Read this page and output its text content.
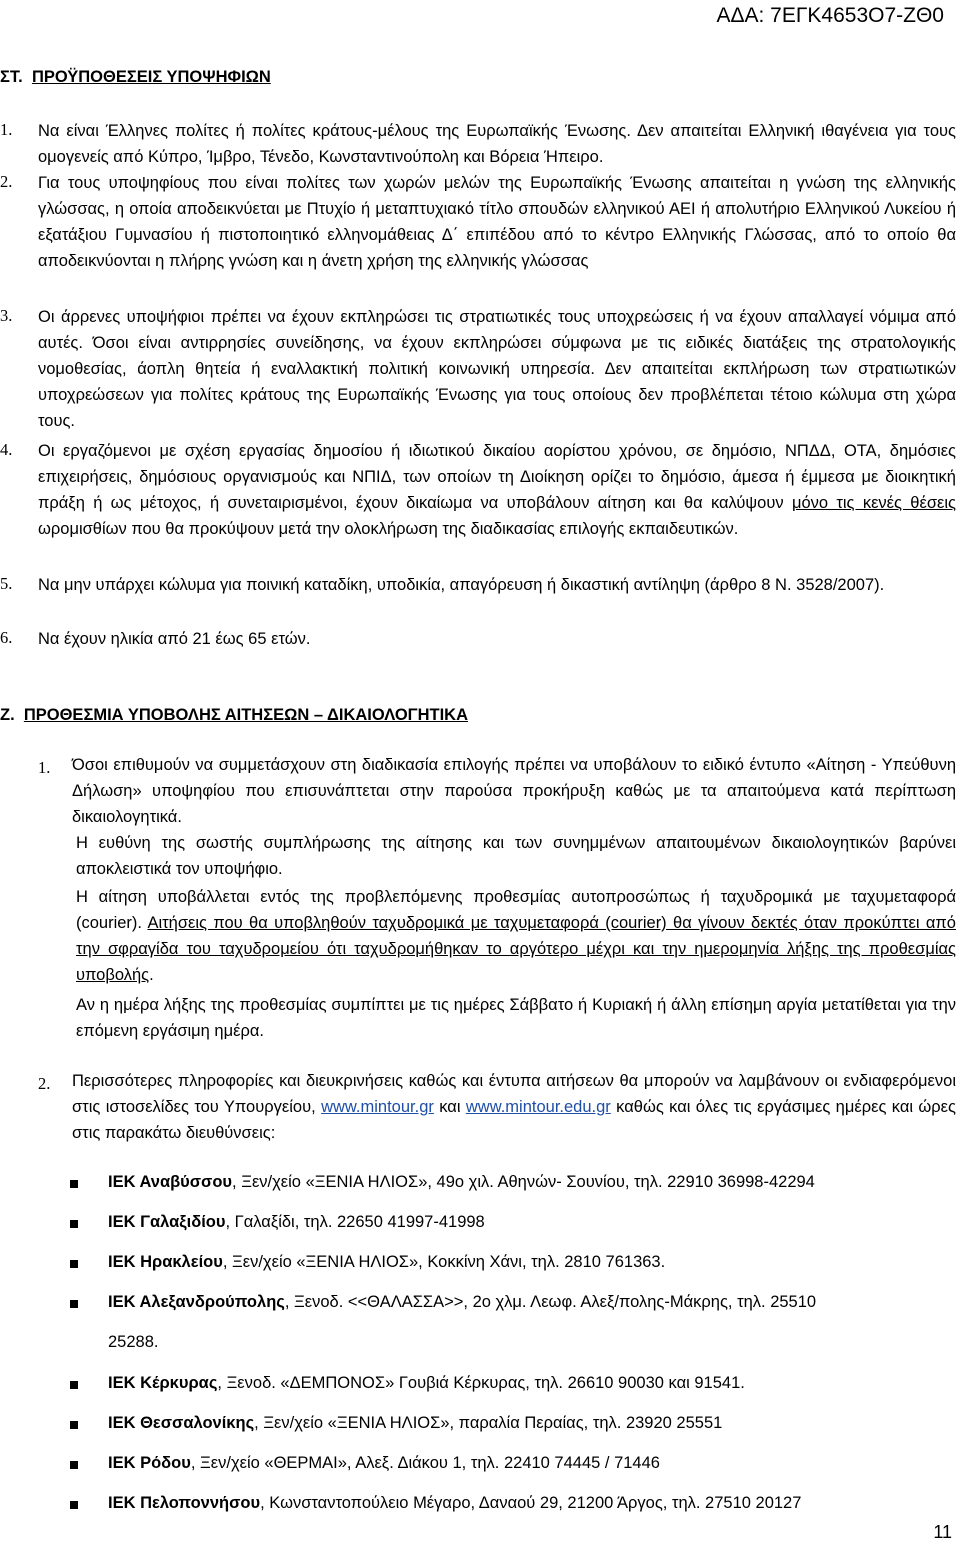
ΑΔΑ: 7ΕΓΚ4653Ο7-ΖΘ0
ΣΤ. ΠΡΟΫΠΟΘΕΣΕΙΣ ΥΠΟΨΗΦΙΩΝ
1. Να είναι Έλληνες πολίτες ή πολίτες κράτους-μέλους της Ευρωπαϊκής Ένωσης. Δεν απαιτείται Ελληνική ιθαγένεια για τους ομογενείς από Κύπρο, Ίμβρο, Τένεδο, Κωνσταντινούπολη και Βόρεια Ήπειρο.
2. Για τους υποψηφίους που είναι πολίτες των χωρών μελών της Ευρωπαϊκής Ένωσης απαιτείται η γνώση της ελληνικής γλώσσας, η οποία αποδεικνύεται με Πτυχίο ή μεταπτυχιακό τίτλο σπουδών ελληνικού ΑΕΙ ή απολυτήριο Ελληνικού Λυκείου ή εξατάξιου Γυμνασίου ή πιστοποιητικό ελληνομάθειας Δ΄ επιπέδου από το κέντρο Ελληνικής Γλώσσας, από το οποίο θα αποδεικνύονται η πλήρης γνώση και η άνετη χρήση της ελληνικής γλώσσας
3. Οι άρρενες υποψήφιοι πρέπει να έχουν εκπληρώσει τις στρατιωτικές τους υποχρεώσεις ή να έχουν απαλλαγεί νόμιμα από αυτές. Όσοι είναι αντιρρησίες συνείδησης, να έχουν εκπληρώσει σύμφωνα με τις ειδικές διατάξεις της στρατολογικής νομοθεσίας, άοπλη θητεία ή εναλλακτική πολιτική κοινωνική υπηρεσία. Δεν απαιτείται εκπλήρωση των στρατιωτικών υποχρεώσεων για πολίτες κράτους της Ευρωπαϊκής Ένωσης για τους οποίους δεν προβλέπεται τέτοιο κώλυμα στη χώρα τους.
4. Οι εργαζόμενοι με σχέση εργασίας δημοσίου ή ιδιωτικού δικαίου αορίστου χρόνου, σε δημόσιο, ΝΠΔΔ, ΟΤΑ, δημόσιες επιχειρήσεις, δημόσιους οργανισμούς και ΝΠΙΔ, των οποίων τη Διοίκηση ορίζει το δημόσιο, άμεσα ή έμμεσα με διοικητική πράξη ή ως μέτοχος, ή συνεταιρισμένοι, έχουν δικαίωμα να υποβάλουν αίτηση και θα καλύψουν μόνο τις κενές θέσεις ωρομισθίων που θα προκύψουν μετά την ολοκλήρωση της διαδικασίας επιλογής εκπαιδευτικών.
5. Να μην υπάρχει κώλυμα για ποινική καταδίκη, υποδικία, απαγόρευση ή δικαστική αντίληψη (άρθρο 8 Ν. 3528/2007).
6. Να έχουν ηλικία από 21 έως 65 ετών.
Ζ. ΠΡΟΘΕΣΜΙΑ ΥΠΟΒΟΛΗΣ ΑΙΤΗΣΕΩΝ – ΔΙΚΑΙΟΛΟΓΗΤΙΚΑ
1. Όσοι επιθυμούν να συμμετάσχουν στη διαδικασία επιλογής πρέπει να υποβάλουν το ειδικό έντυπο «Αίτηση - Υπεύθυνη Δήλωση» υποψηφίου που επισυνάπτεται στην παρούσα προκήρυξη καθώς με τα απαιτούμενα κατά περίπτωση δικαιολογητικά.
Η ευθύνη της σωστής συμπλήρωσης της αίτησης και των συνημμένων απαιτουμένων δικαιολογητικών βαρύνει αποκλειστικά τον υποψήφιο.
Η αίτηση υποβάλλεται εντός της προβλεπόμενης προθεσμίας αυτοπροσώπως ή ταχυδρομικά με ταχυμεταφορά (courier). Αιτήσεις που θα υποβληθούν ταχυδρομικά με ταχυμεταφορά (courier) θα γίνουν δεκτές όταν προκύπτει από την σφραγίδα του ταχυδρομείου ότι ταχυδρομήθηκαν το αργότερο μέχρι και την ημερομηνία λήξης της προθεσμίας υποβολής.
Αν η ημέρα λήξης της προθεσμίας συμπίπτει με τις ημέρες Σάββατο ή Κυριακή ή άλλη επίσημη αργία μετατίθεται για την επόμενη εργάσιμη ημέρα.
2. Περισσότερες πληροφορίες και διευκρινήσεις καθώς και έντυπα αιτήσεων θα μπορούν να λαμβάνουν οι ενδιαφερόμενοι στις ιστοσελίδες του Υπουργείου, www.mintour.gr και www.mintour.edu.gr καθώς και όλες τις εργάσιμες ημέρες και ώρες στις παρακάτω διευθύνσεις:
ΙΕΚ Αναβύσσου, Ξεν/χείο «ΞΕΝΙΑ ΗΛΙΟΣ», 49ο χιλ. Αθηνών- Σουνίου, τηλ. 22910 36998-42294
ΙΕΚ Γαλαξιδίου, Γαλαξίδι, τηλ. 22650 41997-41998
ΙΕΚ Ηρακλείου, Ξεν/χείο «ΞΕΝΙΑ ΗΛΙΟΣ», Κοκκίνη Χάνι, τηλ. 2810 761363.
ΙΕΚ Αλεξανδρούπολης, Ξενοδ. <<ΘΑΛΑΣΣΑ>>, 2ο χλμ. Λεωφ. Αλεξ/πολης-Μάκρης, τηλ. 25510
25288.
ΙΕΚ Κέρκυρας, Ξενοδ. «ΔΕΜΠΟΝΟΣ» Γουβιά Κέρκυρας, τηλ. 26610 90030 και 91541.
ΙΕΚ Θεσσαλονίκης, Ξεν/χείο «ΞΕΝΙΑ ΗΛΙΟΣ», παραλία Περαίας, τηλ. 23920 25551
ΙΕΚ Ρόδου, Ξεν/χείο «ΘΕΡΜΑΙ», Αλεξ. Διάκου 1, τηλ. 22410 74445 / 71446
ΙΕΚ Πελοποννήσου, Κωνσταντοπούλειο Μέγαρο, Δαναού 29, 21200 Άργος, τηλ. 27510 20127
11
